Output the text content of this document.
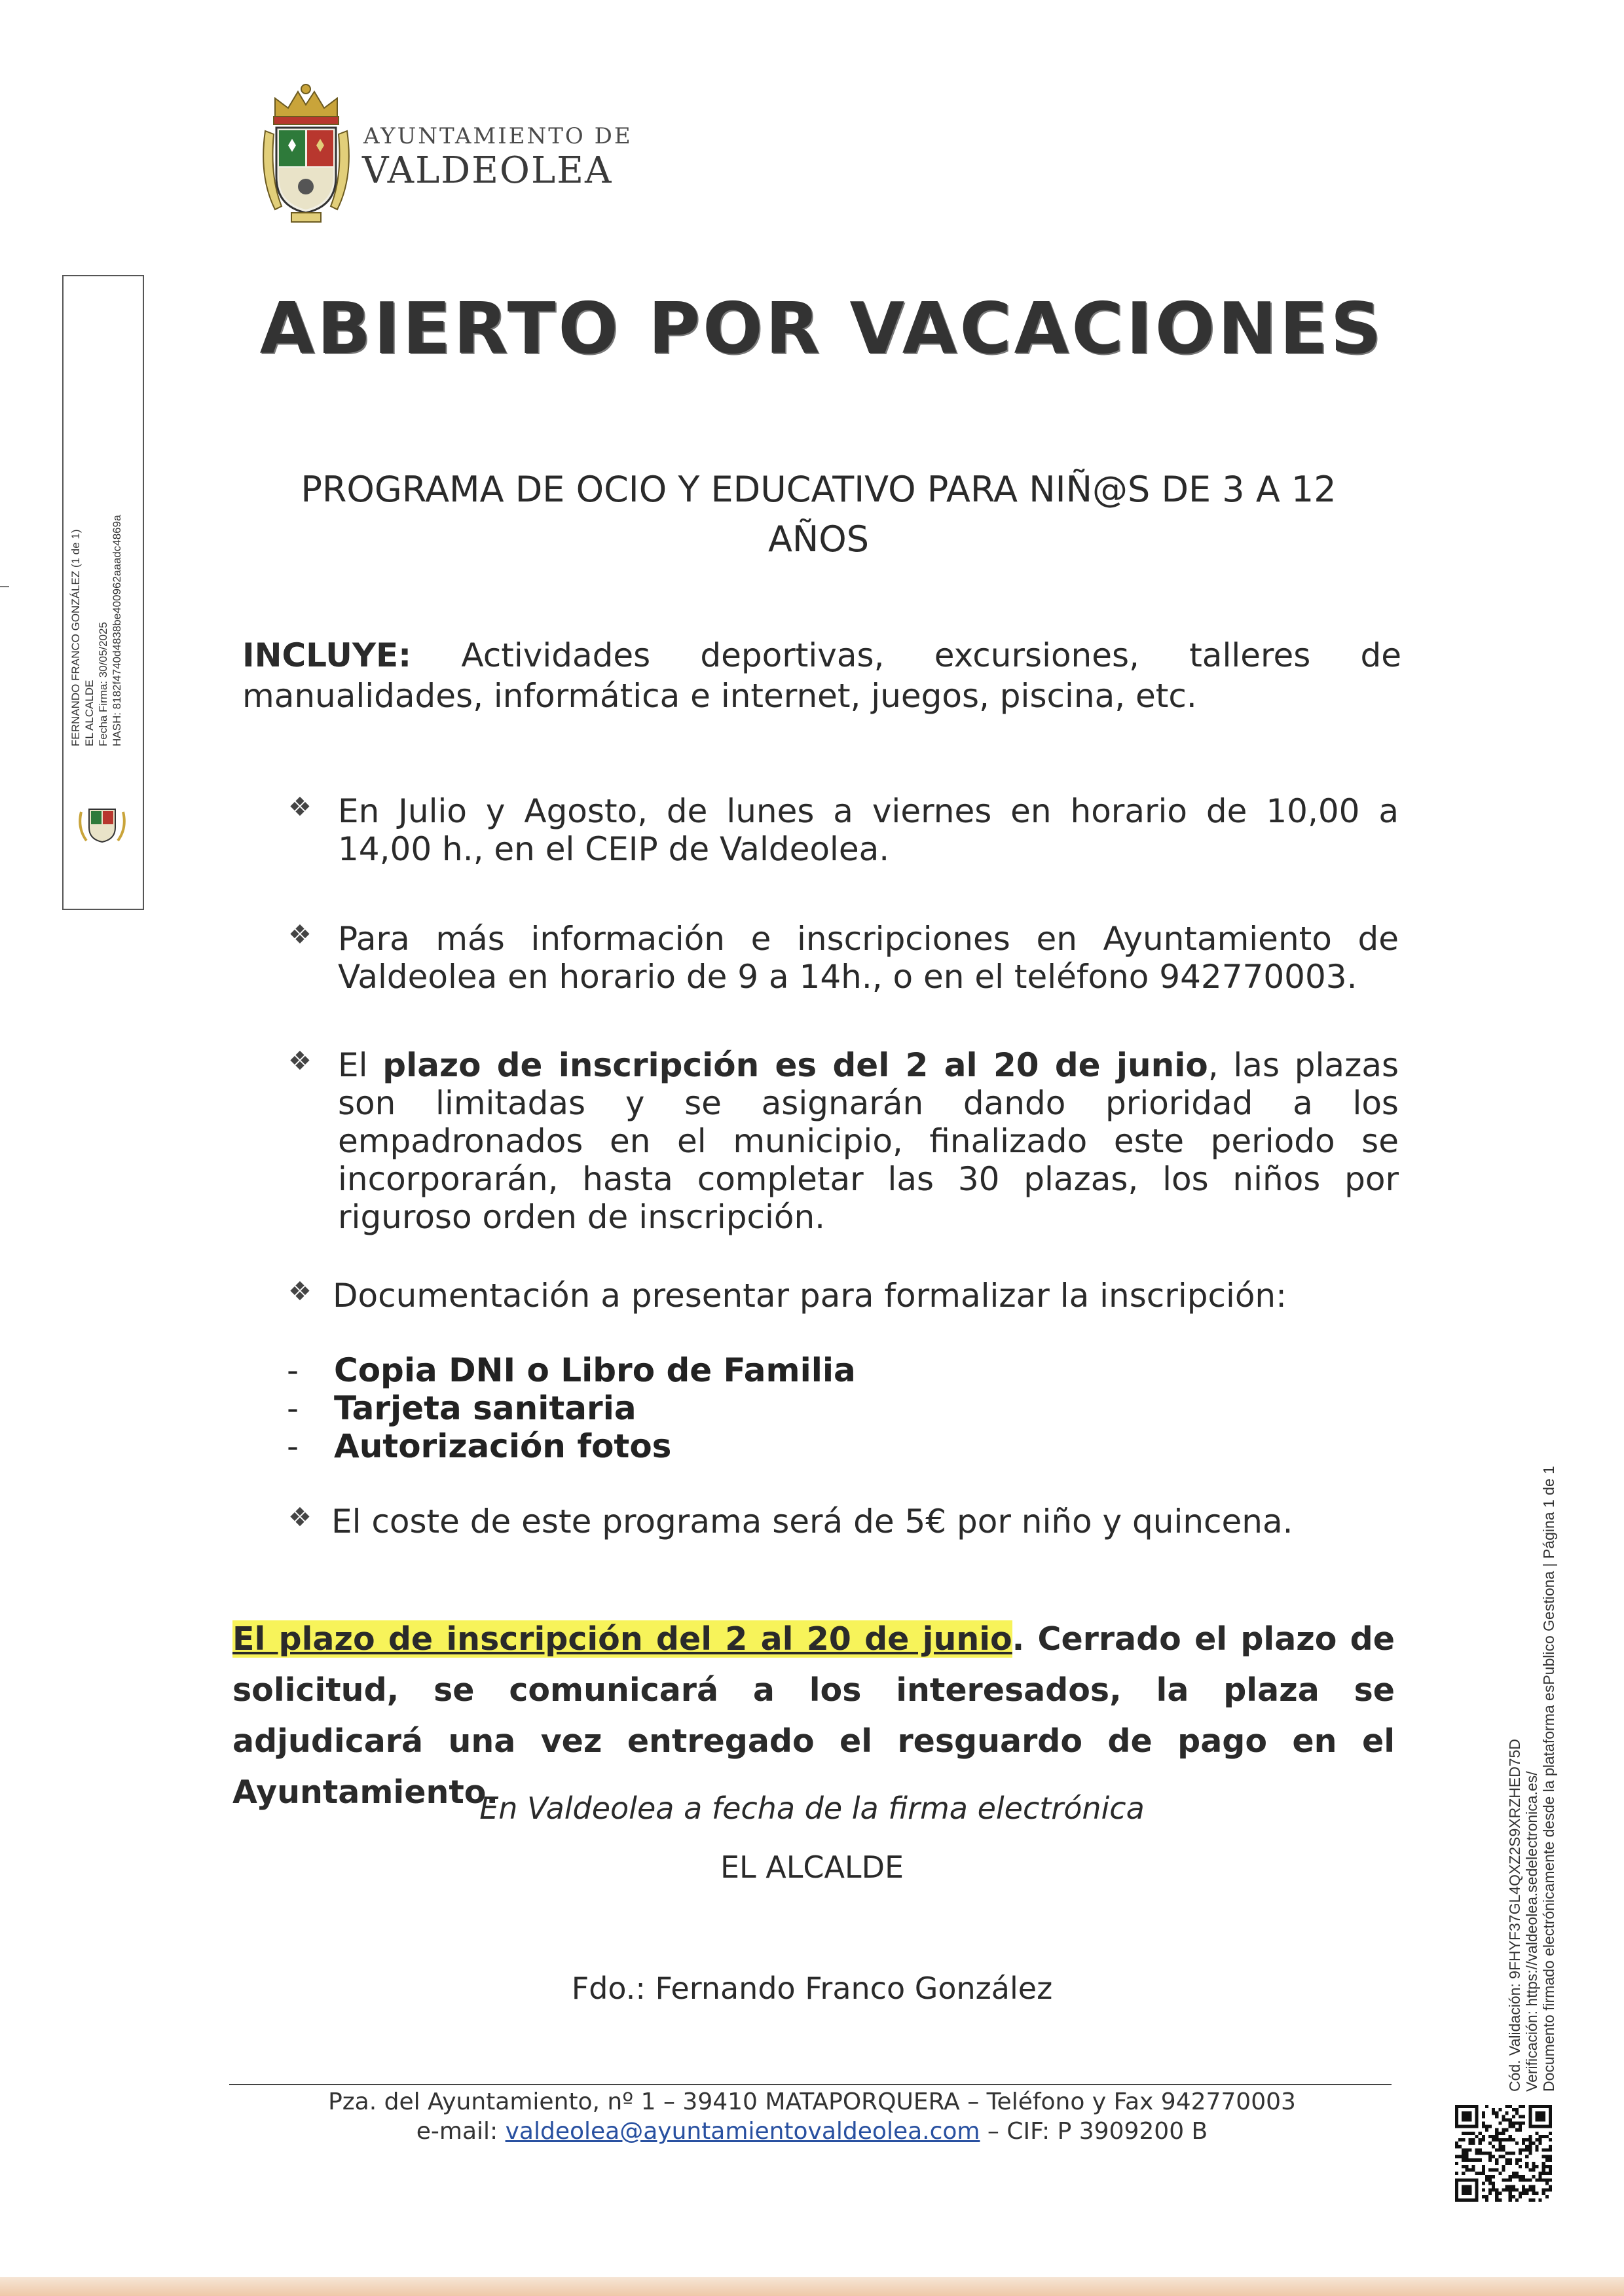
AYUNTAMIENTO DE
VALDEOLEA
FERNANDO FRANCO GONZÁLEZ (1 de 1) EL ALCALDE Fecha Firma: 30/05/2025 HASH: 8182f4740d4838be400962aaadc4869a
ABIERTO POR VACACIONES
PROGRAMA DE OCIO Y EDUCATIVO PARA NIÑ@S DE 3 A 12
AÑOS
INCLUYE: Actividades deportivas, excursiones, talleres de manualidades, informática e internet, juegos, piscina, etc.
❖ En Julio y Agosto, de lunes a viernes en horario de 10,00 a 14,00 h., en el CEIP de Valdeolea.
❖ Para más información e inscripciones en Ayuntamiento de Valdeolea en horario de 9 a 14h., o en el teléfono 942770003.
❖ El plazo de inscripción es del 2 al 20 de junio, las plazas son limitadas y se asignarán dando prioridad a los empadronados en el municipio, finalizado este periodo se incorporarán, hasta completar las 30 plazas, los niños por riguroso orden de inscripción.
❖ Documentación a presentar para formalizar la inscripción:
- Copia DNI o Libro de Familia
- Tarjeta sanitaria
- Autorización fotos
❖ El coste de este programa será de 5€ por niño y quincena.
El plazo de inscripción del 2 al 20 de junio. Cerrado el plazo de solicitud, se comunicará a los interesados, la plaza se adjudicará una vez entregado el resguardo de pago en el Ayuntamiento.
En Valdeolea a fecha de la firma electrónica
EL ALCALDE
Fdo.: Fernando Franco González
Pza. del Ayuntamiento, nº 1 – 39410 MATAPORQUERA – Teléfono y Fax 942770003
e-mail: valdeolea@ayuntamientovaldeolea.com – CIF: P 3909200 B
Cód. Validación: 9FHYF37GL4QXZ2S9XRZHED75D Verificación: https://valdeolea.sedelectronica.es/ Documento firmado electrónicamente desde la plataforma esPublico Gestiona | Página 1 de 1
